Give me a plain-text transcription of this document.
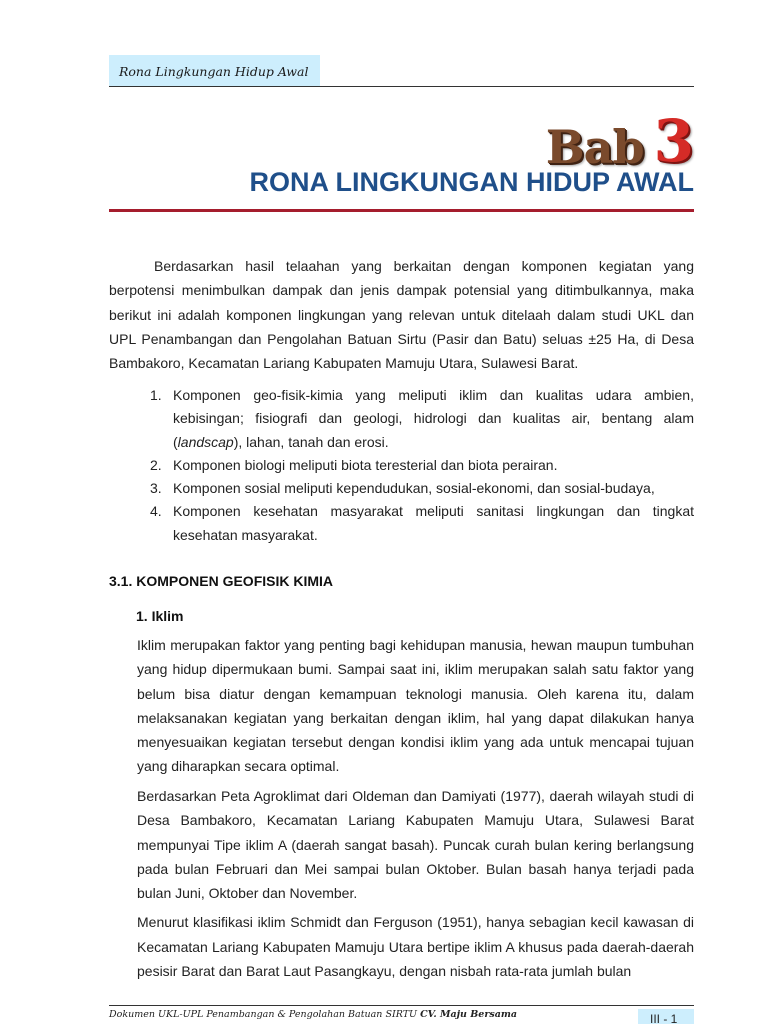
Rona Lingkungan Hidup Awal
Bab 3
RONA LINGKUNGAN HIDUP AWAL

Berdasarkan hasil telaahan yang berkaitan dengan komponen kegiatan yang berpotensi menimbulkan dampak dan jenis dampak potensial yang ditimbulkannya, maka berikut ini adalah komponen lingkungan yang relevan untuk ditelaah dalam studi UKL dan UPL Penambangan dan Pengolahan Batuan Sirtu (Pasir dan Batu) seluas ±25 Ha, di Desa Bambakoro, Kecamatan Lariang Kabupaten Mamuju Utara, Sulawesi Barat.

1. Komponen geo-fisik-kimia yang meliputi iklim dan kualitas udara ambien, kebisingan; fisiografi dan geologi, hidrologi dan kualitas air, bentang alam (landscap), lahan, tanah dan erosi.
2. Komponen biologi meliputi biota teresterial dan biota perairan.
3. Komponen sosial meliputi kependudukan, sosial-ekonomi, dan sosial-budaya,
4. Komponen kesehatan masyarakat meliputi sanitasi lingkungan dan tingkat kesehatan masyarakat.
3.1. KOMPONEN GEOFISIK KIMIA
1. Iklim

Iklim merupakan faktor yang penting bagi kehidupan manusia, hewan maupun tumbuhan yang hidup dipermukaan bumi. Sampai saat ini, iklim merupakan salah satu faktor yang belum bisa diatur dengan kemampuan teknologi manusia. Oleh karena itu, dalam melaksanakan kegiatan yang berkaitan dengan iklim, hal yang dapat dilakukan hanya menyesuaikan kegiatan tersebut dengan kondisi iklim yang ada untuk mencapai tujuan yang diharapkan secara optimal.

Berdasarkan Peta Agroklimat dari Oldeman dan Damiyati (1977), daerah wilayah studi di Desa Bambakoro, Kecamatan Lariang Kabupaten Mamuju Utara, Sulawesi Barat mempunyai Tipe iklim A (daerah sangat basah). Puncak curah bulan kering berlangsung pada bulan Februari dan Mei sampai bulan Oktober. Bulan basah hanya terjadi pada bulan Juni, Oktober dan November.

Menurut klasifikasi iklim Schmidt dan Ferguson (1951), hanya sebagian kecil kawasan di Kecamatan Lariang Kabupaten Mamuju Utara bertipe iklim A khusus pada daerah-daerah pesisir Barat dan Barat Laut Pasangkayu, dengan nisbah rata-rata jumlah bulan

Dokumen UKL-UPL Penambangan & Pengolahan Batuan SIRTU CV. Maju Bersama	III - 1
